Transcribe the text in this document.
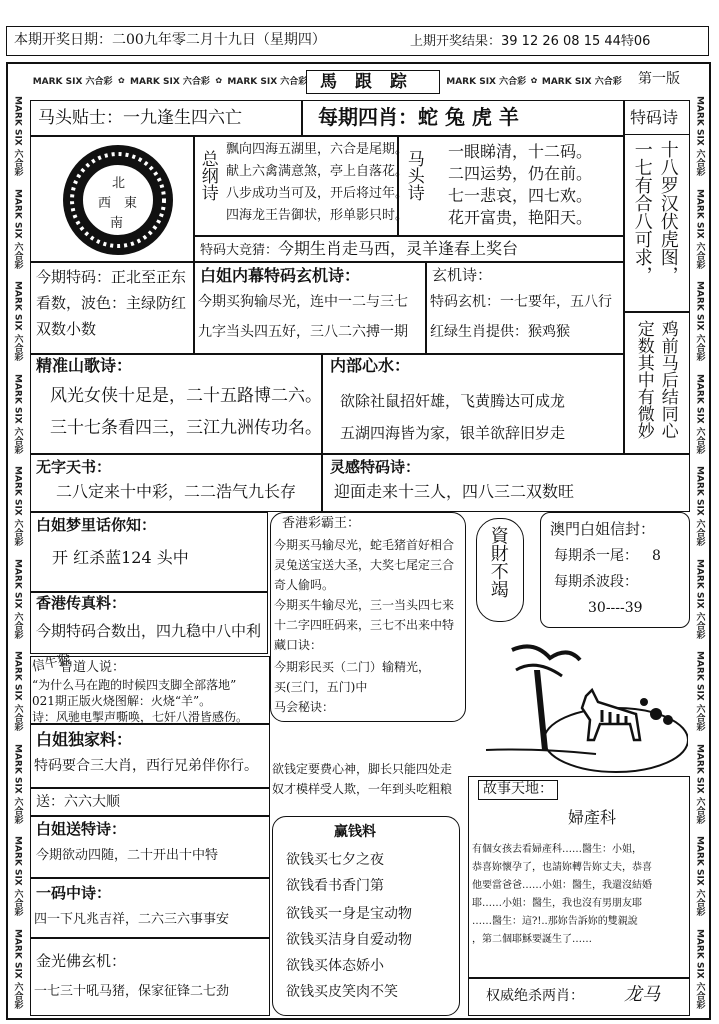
本期开奖日期：二00九年零二月十九日（星期四）	上期开奖结果：39 12 26 08 15 44特06
MARK SIX 六合彩 ✿ MARK SIX 六合彩 ✿ MARK SIX 六合彩 馬 跟 踪	MARK SIX 六合彩 ✿ MARK SIX 六合彩 第一版
MARK SIX 六合彩
MARK SIX 六合彩
MARK SIX 六合彩
MARK SIX 六合彩
MARK SIX 六合彩
MARK SIX 六合彩
MARK SIX 六合彩
MARK SIX 六合彩
MARK SIX 六合彩
MARK SIX 六合彩
MARK SIX 六合彩
MARK SIX 六合彩
MARK SIX 六合彩
MARK SIX 六合彩
MARK SIX 六合彩
MARK SIX 六合彩
MARK SIX 六合彩
MARK SIX 六合彩
MARK SIX 六合彩
MARK SIX 六合彩
马头贴士：一九逢生四六亡	每期四肖：蛇 兔 虎 羊	特码诗
十八罗汉伏虎图，
一七有合八可求，
北
西 東
南
总纲诗
飘向四海五湖里，六合是尾期。
献上六禽满意煞，亭上自落花。
八步成功当可及，开后将过年。
四海龙王告御状，形单影只时。
马头诗 一眼睇清，十二码。
二四运势，仍在前。
七一悲哀，四七欢。
花开富贵，艳阳天。
特码大竞猜：今期生肖走马西，灵羊逢春上奖台
今期特码：正北至正东
看数，波色：主绿防红
双数小数
白姐内幕特码玄机诗：
今期买狗输尽光，连中一二与三七
九字当头四五好，三八二六搏一期
玄机诗：
特码玄机：一七要年，五八行
红绿生肖提供：猴鸡猴	定数其中有微妙 鸡前马后结同心
精准山歌诗：
风光女侠十足是，二十五路博二六。
三十七条看四三，三江九洲传功名。
内部心水：
欲除社鼠招奸雄，飞黄腾达可成龙
五湖四海皆为家，银羊欲辞旧岁走
无字天书：
二八定来十中彩，二二浩气九长存
灵感特码诗：
迎面走来十三人，四八三二双数旺
白姐梦里话你知：
开 红杀蓝124 头中
香港传真料：
今期特码合数出，四九稳中八中利
香港彩霸王：
今期买马输尽光，蛇毛猪首好相合
灵兔送宝送大圣，大奖七尾定三合
奇人偷吗。
今期买牛输尽光，三一当头四七来
十二字四旺码来，三七不出来中特
藏口诀：
今期彩民买（二门）输精光，
买(三门，五门)中
马会秘诀：
欲钱定要费心神，脚长只能四处走
奴才模样受人欺，一年到头吃粗粮
資財不竭	澳門白姐信封：
每期杀一尾： 8
每期杀波段：
30----39
故事天地：
婦產科
有個女孩去看婦產科……醫生：小姐，
恭喜妳懷孕了，也請妳轉告妳丈夫，恭喜
他要當爸爸……小姐：醫生，我還沒結婚
耶……小姐：醫生，我也沒有男朋友耶
……醫生：這?!..那妳告訴妳的雙親說
，第二個耶穌要誕生了……
信牛猴
曾道人说：
“为什么马在跑的时候四支脚全部落地”
021期正版火烧图解：火烧“羊”。
诗：风驰电掣声嘶唤，七奸八滑皆感伤。
白姐独家料：
特码要合三大肖，西行兄弟伴你行。
送：六六大顺
白姐送特诗：
今期欲动四随，二十开出十中特
一码中诗：
四一下凡兆吉祥，二六三六事事安
金光佛玄机：
一七三十吼马猪，保家征锋二七劲
赢钱料
欲钱买七夕之夜
欲钱看书香门第
欲钱买一身是宝动物
欲钱买洁身自爱动物
欲钱买体态娇小
欲钱买皮笑肉不笑	权威绝杀两肖： 龙马
